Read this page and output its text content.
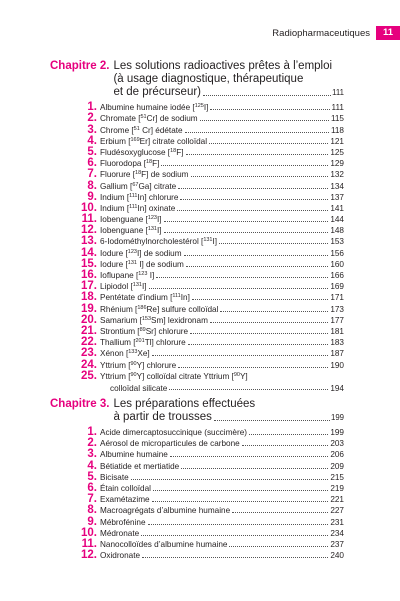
Radiopharmaceutiques	11
Chapitre 2. Les solutions radioactives prêtes à l’emploi
(à usage diagnostique, thérapeutique
et de précurseur)	111
1. Albumine humaine iodée [$^{125}$I]	111
2. Chromate [$^{51}$Cr] de sodium	115
3. Chrome [$^{51}$ Cr] édétate	118
4. Erbium [$^{169}$Er] citrate colloïdal	121
5. Fludésoxyglucose [$^{18}$F]	125
6. Fluorodopa [$^{18}$F]	129
7. Fluorure [$^{18}$F] de sodium	132
8. Gallium [$^{67}$Ga] citrate	134
9. Indium [$^{111}$In] chlorure	137
10. Indium [$^{111}$In] oxinate	141
11. Iobenguane [$^{123}$I]	144
12. Iobenguane [$^{131}$I]	148
13. 6-Iodométhylnorcholestérol [$^{131}$I]	153
14. Iodure [$^{123}$I] de sodium	156
15. Iodure [$^{131}$ I] de sodium	160
16. Ioflupane [$^{123}$ I]	166
17. Lipiodol [$^{131}$I]	169
18. Pentétate d’indium [$^{111}$In]	171
19. Rhénium [$^{186}$Re] sulfure colloïdal	173
20. Samarium [$^{153}$Sm] lexidronam	177
21. Strontium [$^{89}$Sr] chlorure	181
22. Thallium [$^{201}$Tl] chlorure	183
23. Xénon [$^{133}$Xe]	187
24. Yttrium [$^{90}$Y] chlorure	190
25. Yttrium [$^{90}$Y] colloïdal citrate Yttrium [$^{90}$Y]
colloïdal silicate	194
Chapitre 3. Les préparations effectuées
à partir de trousses	199
1. Acide dimercaptosuccinique (succimère)	199
2. Aérosol de microparticules de carbone	203
3. Albumine humaine	206
4. Bétiatide et mertiatide	209
5. Bicisate	215
6. Étain colloïdal	219
7. Examétazime	221
8. Macroagrégats d’albumine humaine	227
9. Mébrofénine	231
10. Médronate	234
11. Nanocolloïdes d’albumine humaine	237
12. Oxidronate	240
